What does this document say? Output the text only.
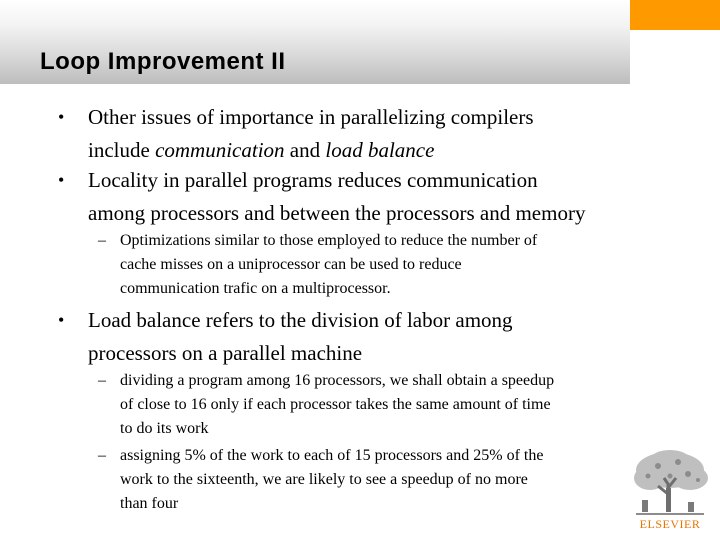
Loop Improvement II
• Other issues of importance in parallelizing compilers
include communication and load balance
• Locality in parallel programs reduces communication
among processors and between the processors and memory
– Optimizations similar to those employed to reduce the number of
cache misses on a uniprocessor can be used to reduce
communication trafic on a multiprocessor.
• Load balance refers to the division of labor among
processors on a parallel machine
– dividing a program among 16 processors, we shall obtain a speedup
of close to 16 only if each processor takes the same amount of time
to do its work
– assigning 5% of the work to each of 15 processors and 25% of the
work to the sixteenth, we are likely to see a speedup of no more
than four
ELSEVIER
